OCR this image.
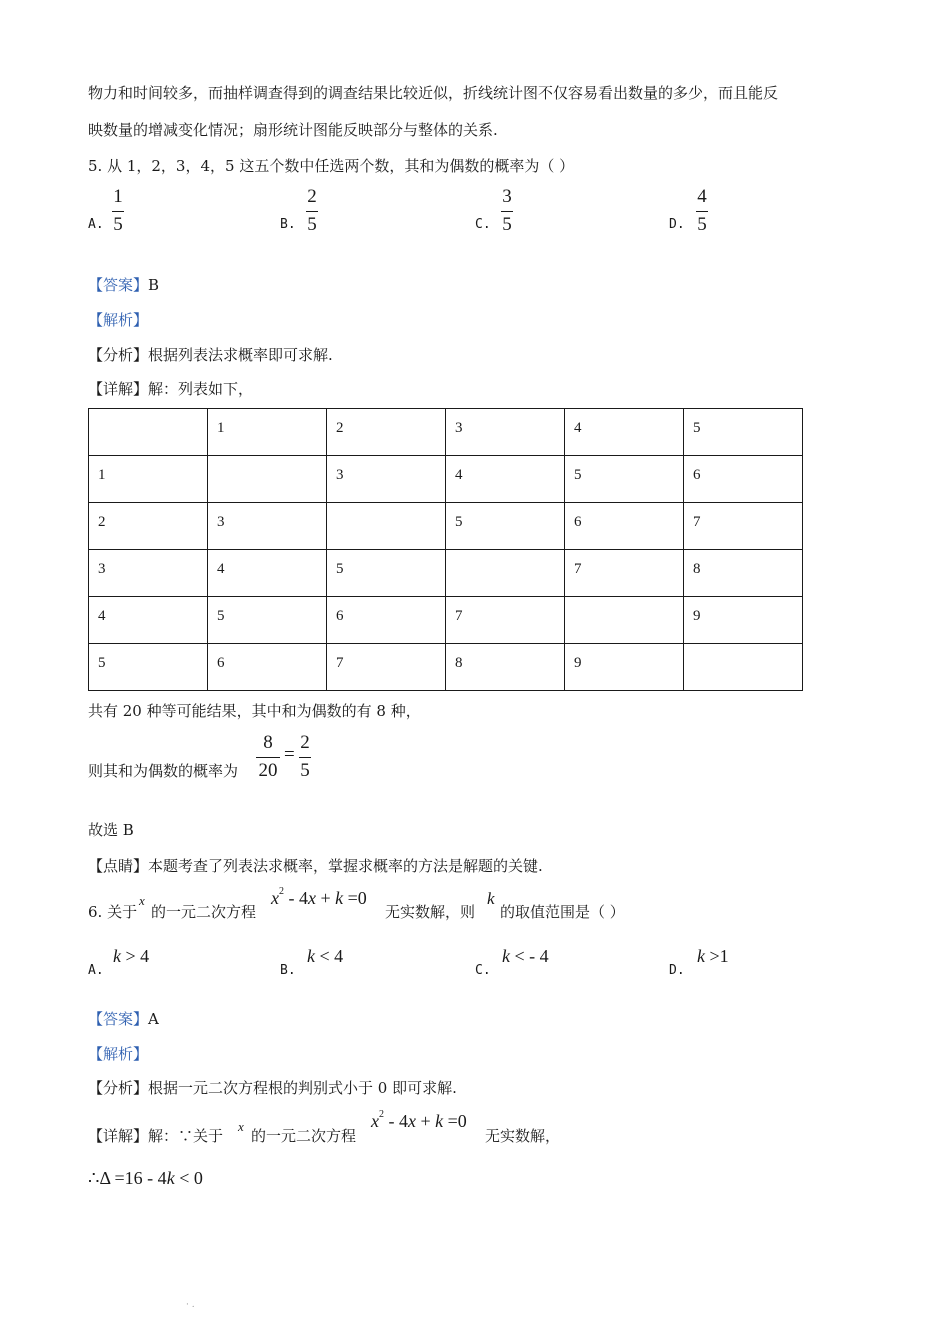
物力和时间较多，而抽样调查得到的调查结果比较近似，折线统计图不仅容易看出数量的多少，而且能反
映数量的增减变化情况；扇形统计图能反映部分与整体的关系.
5. 从 1，2，3，4，5 这五个数中任选两个数，其和为偶数的概率为（ ）
A.
1
5	B.
2
5	C.
3
5	D.
4
5
【答案】B
【解析】
【分析】根据列表法求概率即可求解.
【详解】解：列表如下，
	1	2	3	4	5
1		3	4	5	6
2	3		5	6	7
3	4	5		7	8
4	5	6	7		9
5	6	7	8	9	
共有 20 种等可能结果，其中和为偶数的有 8 种，
则其和为偶数的概率为
8
20
=
2
5
故选 B
【点睛】本题考查了列表法求概率，掌握求概率的方法是解题的关键.
6. 关于
x
的一元二次方程
$x^2 - 4x + k =0$
无实数解，则
k
的取值范围是（ ）
A.
k > 4
B.
k < 4
C.
k < - 4
D.
k >1
【答案】A
【解析】
【分析】根据一元二次方程根的判别式小于 0 即可求解.
【详解】解：∵关于
x
的一元二次方程
$x^2 - 4x + k =0$
无实数解，
∴Δ =16 - 4k < 0
· .
